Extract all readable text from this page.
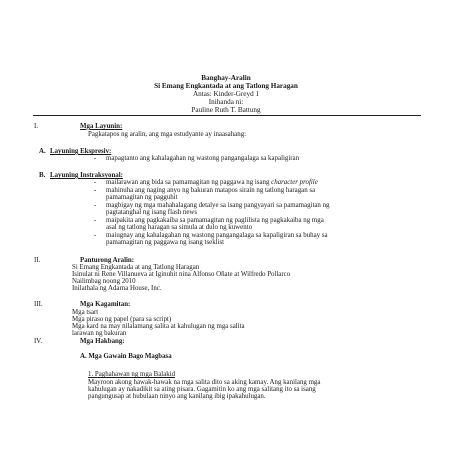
Banghay-Aralin
Si Emang Engkantada at ang Tatlong Haragan
Antas: Kinder-Greyd 1
Inihanda ni:
Pauline Ruth T. Battung
I.	Mga Layunin:
Pagkatapos ng aralin, ang mga estudyante ay inaasahang:
A. Layuning Ekspresiv:
- mapagtanto ang kahalagahan ng wastong pangangalaga sa kapaligiran
B. Layuning Instraksyonal:
- mailarawan ang bida sa pamamagitan ng paggawa ng isang character profile
- mahinuha ang naging anyo ng bakuran matapos sirain ng tatlong haragan sa
pamamagitan ng pagguhit
- magbigay ng mga mahahalagang detalye sa isang pangyayari sa pamamagitan ng
pagtatanghal ng isang flash news
- maipakita ang pagkakaiba sa pamamagitan ng paglilista ng pagkakaiba ng mga
asal ng tatlong haragan sa simula at dulo ng kuwento
- maiugnay ang kahalagahan ng wastong pangangalaga sa kapaligiran sa buhay sa
pamamagitan ng paggawa ng isang tseklist
II.	Panturong Aralin:
Si Emang Engkantada at ang Tatlong Haragan
Isinulat ni Rene Villanueva at Iginuhit nina Alfonso Oñate at Wilfredo Pollarco
Nailimbag noong 2010
Inilathala ng Adarna House, Inc.
III.	Mga Kagamitan:
Mga tsart
Mga piraso ng papel (para sa script)
Mga kard na may nilalamang salita at kahulugan ng mga salita
larawan ng bakuran
IV.	Mga Hakbang:
A. Mga Gawain Bago Magbasa
1. Paghahawan ng mga Balakid
Mayroon akong hawak-hawak na mga salita dito sa aking kamay. Ang kanilang mga
kahulugan ay nakadikit sa ating pisara. Gagamitin ko ang mga salitang ito sa isang
pangungusap at hubulaan ninyo ang kanilang ibig ipakahulugan.
